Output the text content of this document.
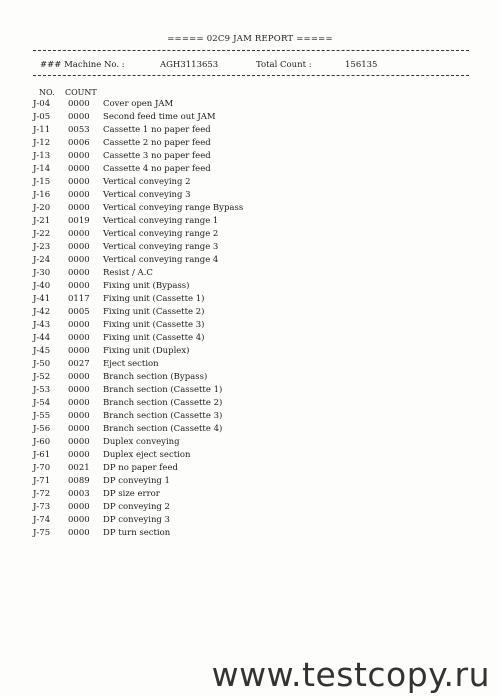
===== 02C9 JAM REPORT =====

### Machine No. :

	AGH3113653

	Total Count :

	156135

NO. COUNT
J-04 0000 Cover open JAM
J-05 0000 Second feed time out JAM
J-11 0053 Cassette 1 no paper feed
J-12 0006 Cassette 2 no paper feed
J-13 0000 Cassette 3 no paper feed
J-14 0000 Cassette 4 no paper feed
J-15 0000 Vertical conveying 2
J-16 0000 Vertical conveying 3
J-20 0000 Vertical conveying range Bypass
J-21 0019 Vertical conveying range 1
J-22 0000 Vertical conveying range 2
J-23 0000 Vertical conveying range 3
J-24 0000 Vertical conveying range 4
J-30 0000 Resist / A.C
J-40 0000 Fixing unit (Bypass)
J-41 0117 Fixing unit (Cassette 1)
J-42 0005 Fixing unit (Cassette 2)
J-43 0000 Fixing unit (Cassette 3)
J-44 0000 Fixing unit (Cassette 4)
J-45 0000 Fixing unit (Duplex)
J-50 0027 Eject section
J-52 0000 Branch section (Bypass)
J-53 0000 Branch section (Cassette 1)
J-54 0000 Branch section (Cassette 2)
J-55 0000 Branch section (Cassette 3)
J-56 0000 Branch section (Cassette 4)
J-60 0000 Duplex conveying
J-61 0000 Duplex eject section
J-70 0021 DP no paper feed
J-71 0089 DP conveying 1
J-72 0003 DP size error
J-73 0000 DP conveying 2
J-74 0000 DP conveying 3
J-75 0000 DP turn section
www.testcopy.ru
